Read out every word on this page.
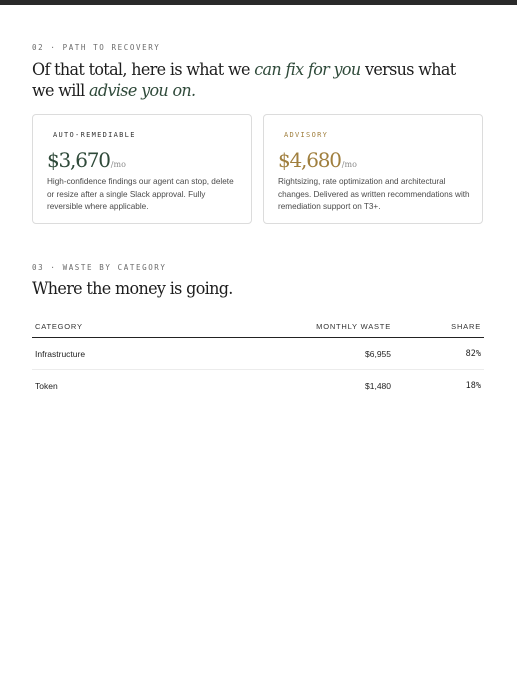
02 · PATH TO RECOVERY
Of that total, here is what we can fix for you versus what we will advise you on.
AUTO-REMEDIABLE
$3,670/mo
High-confidence findings our agent can stop, delete or resize after a single Slack approval. Fully reversible where applicable.
ADVISORY
$4,680/mo
Rightsizing, rate optimization and architectural changes. Delivered as written recommendations with remediation support on T3+.
03 · WASTE BY CATEGORY
Where the money is going.
CATEGORY	MONTHLY WASTE	SHARE
Infrastructure	$6,955	82%
Token	$1,480	18%
